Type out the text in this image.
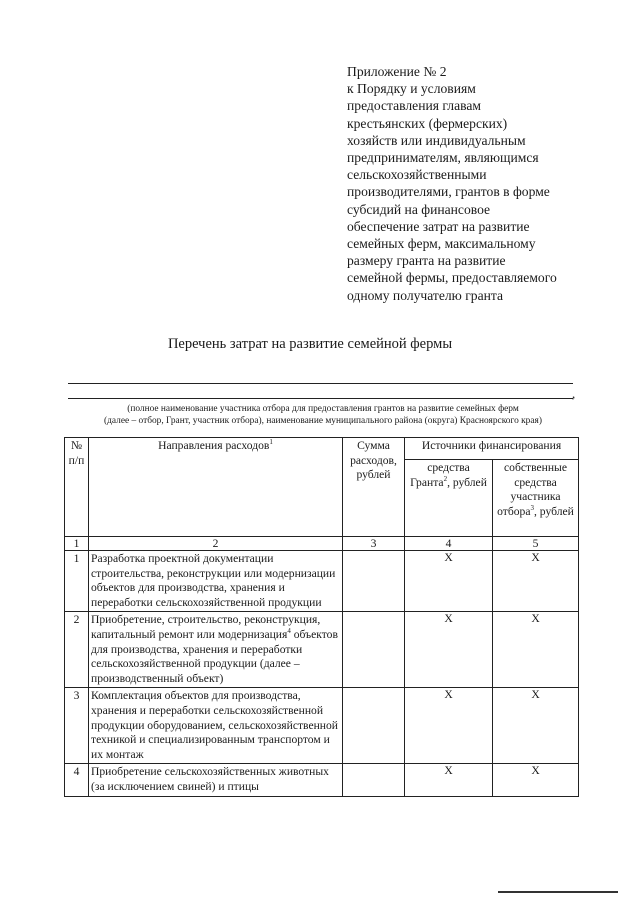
Приложение № 2
к Порядку и условиям
предоставления главам
крестьянских (фермерских)
хозяйств или индивидуальным
предпринимателям, являющимся
сельскохозяйственными
производителями, грантов в форме
субсидий на финансовое
обеспечение затрат на развитие
семейных ферм, максимальному
размеру гранта на развитие
семейной фермы, предоставляемого
одному получателю гранта
Перечень затрат на развитие семейной фермы
,
(полное наименование участника отбора для предоставления грантов на развитие семейных ферм
(далее – отбор, Грант, участник отбора), наименование муниципального района (округа) Красноярского края)
№ п/п	Направления расходов$^1$	Сумма расходов, рублей	Источники финансирования	
			средства Гранта$^2$, рублей	собственные средства участника отбора$^3$, рублей
1	2	3	4	5
1	Разработка проектной документации строительства, реконструкции или модернизации объектов для производства, хранения и переработки сельскохозяйственной продукции		Х	Х
2	Приобретение, строительство, реконструкция, капитальный ремонт или модернизация$^4$ объектов для производства, хранения и переработки сельскохозяйственной продукции (далее – производственный объект)		Х	Х
3	Комплектация объектов для производства, хранения и переработки сельскохозяйственной продукции оборудованием, сельскохозяйственной техникой и специализированным транспортом и их монтаж		Х	Х
4	Приобретение сельскохозяйственных животных (за исключением свиней) и птицы		Х	Х
